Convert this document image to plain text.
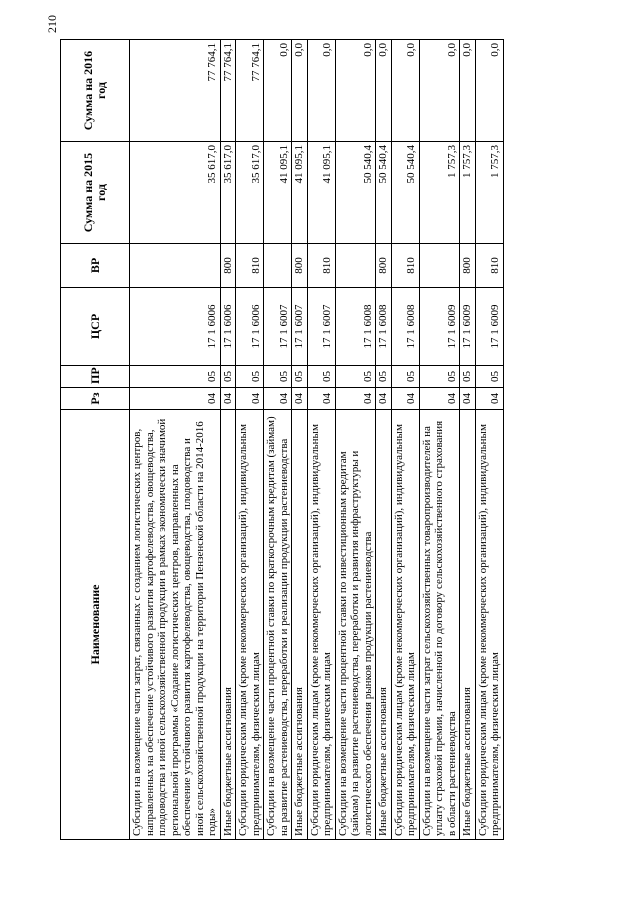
210
Наименование	Рз	ПР	ЦСР	ВР	Сумма на 2015 год	Сумма на 2016 год
Субсидии на возмещение части затрат, связанных с созданием логистических центров, направленных на обеспечение устойчивого развития картофелеводства, овощеводства, плодоводства и иной сельскохозяйственной продукции в рамках экономически значимой региональной программы «Создание логистических центров, направленных на обеспечение устойчивого развития картофелеводства, овощеводства, плодоводства и иной сельскохозяйственной продукции на территории Пензенской области на 2014-2016 годы»	04	05	17 1 6006		35 617,0	77 764,1
Иные бюджетные ассигнования	04	05	17 1 6006	800	35 617,0	77 764,1
Субсидии юридическим лицам (кроме некоммерческих организаций), индивидуальным предпринимателям, физическим лицам	04	05	17 1 6006	810	35 617,0	77 764,1
Субсидии на возмещение части процентной ставки по краткосрочным кредитам (займам) на развитие растениеводства, переработки и реализации продукции растениеводства	04	05	17 1 6007		41 095,1	0,0
Иные бюджетные ассигнования	04	05	17 1 6007	800	41 095,1	0,0
Субсидии юридическим лицам (кроме некоммерческих организаций), индивидуальным предпринимателям, физическим лицам	04	05	17 1 6007	810	41 095,1	0,0
Субсидии на возмещение части процентной ставки по инвестиционным кредитам (займам) на развитие растениеводства, переработки и развития инфраструктуры и логистического обеспечения рынков продукции растениеводства	04	05	17 1 6008		50 540,4	0,0
Иные бюджетные ассигнования	04	05	17 1 6008	800	50 540,4	0,0
Субсидии юридическим лицам (кроме некоммерческих организаций), индивидуальным предпринимателям, физическим лицам	04	05	17 1 6008	810	50 540,4	0,0
Субсидии на возмещение части затрат сельскохозяйственных товаропроизводителей на уплату страховой премии, начисленной по договору сельскохозяйственного страхования в области растениеводства	04	05	17 1 6009		1 757,3	0,0
Иные бюджетные ассигнования	04	05	17 1 6009	800	1 757,3	0,0
Субсидии юридическим лицам (кроме некоммерческих организаций), индивидуальным предпринимателям, физическим лицам	04	05	17 1 6009	810	1 757,3	0,0
